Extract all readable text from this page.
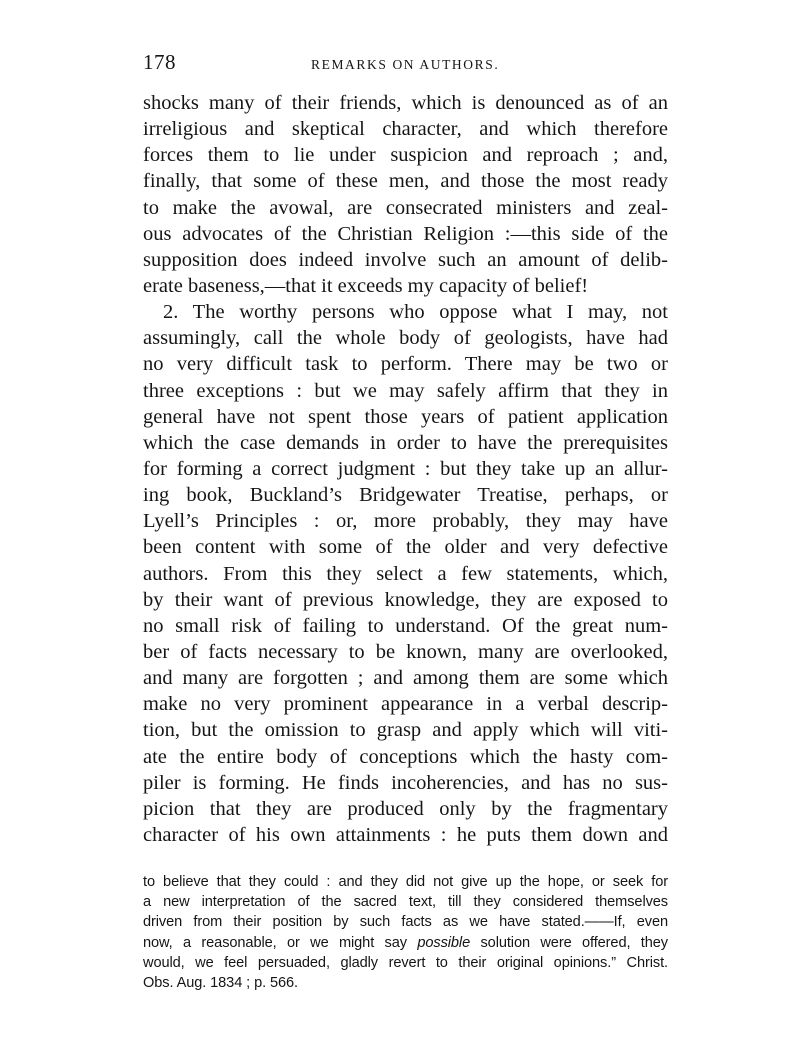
178	REMARKS ON AUTHORS.
shocks many of their friends, which is denounced as of an
irreligious and skeptical character, and which therefore
forces them to lie under suspicion and reproach ; and,
finally, that some of these men, and those the most ready
to make the avowal, are consecrated ministers and zeal-
ous advocates of the Christian Religion :—this side of the
supposition does indeed involve such an amount of delib-
erate baseness,—that it exceeds my capacity of belief!
2. The worthy persons who oppose what I may, not
assumingly, call the whole body of geologists, have had
no very difficult task to perform. There may be two or
three exceptions : but we may safely affirm that they in
general have not spent those years of patient application
which the case demands in order to have the prerequisites
for forming a correct judgment : but they take up an allur-
ing book, Buckland’s Bridgewater Treatise, perhaps, or
Lyell’s Principles : or, more probably, they may have
been content with some of the older and very defective
authors. From this they select a few statements, which,
by their want of previous knowledge, they are exposed to
no small risk of failing to understand. Of the great num-
ber of facts necessary to be known, many are overlooked,
and many are forgotten ; and among them are some which
make no very prominent appearance in a verbal descrip-
tion, but the omission to grasp and apply which will viti-
ate the entire body of conceptions which the hasty com-
piler is forming. He finds incoherencies, and has no sus-
picion that they are produced only by the fragmentary
character of his own attainments : he puts them down and
to believe that they could : and they did not give up the hope, or seek for
a new interpretation of the sacred text, till they considered themselves
driven from their position by such facts as we have stated.——If, even
now, a reasonable, or we might say possible solution were offered, they
would, we feel persuaded, gladly revert to their original opinions.” Christ.
Obs. Aug. 1834 ; p. 566.
